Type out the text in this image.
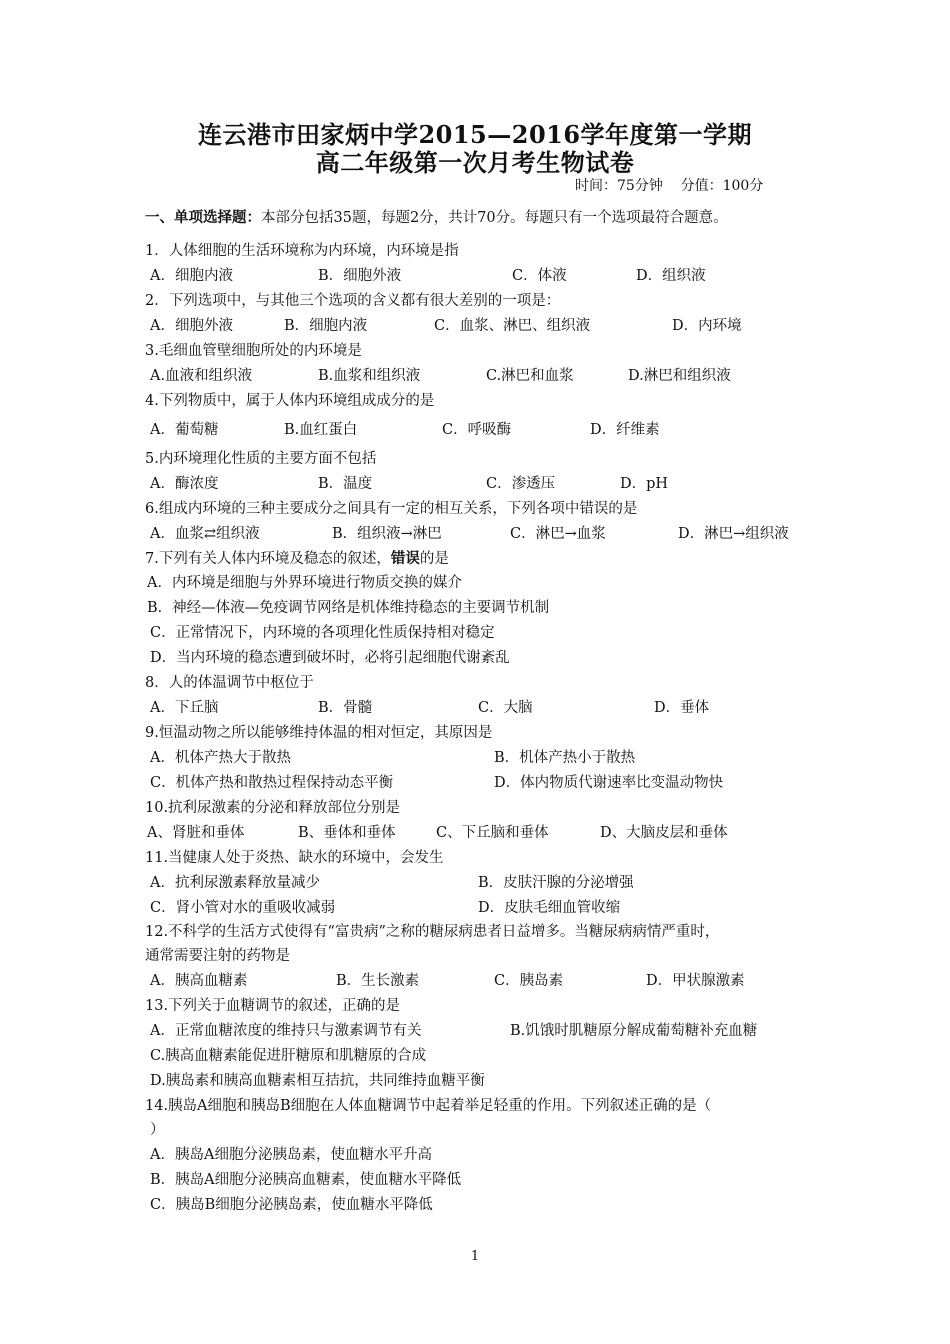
连云港市田家炳中学2015—2016学年度第一学期
高二年级第一次月考生物试卷
时间：75分钟    分值：100分
一、单项选择题：本部分包括35题，每题2分，共计70分。每题只有一个选项最符合题意。
1．人体细胞的生活环境称为内环境，内环境是指
A．细胞内液	B．细胞外液	C．体液	D．组织液
2．下列选项中，与其他三个选项的含义都有很大差别的一项是：
A．细胞外液	B．细胞内液	C．血浆、淋巴、组织液	D．内环境
3.毛细血管壁细胞所处的内环境是
A.血液和组织液	B.血浆和组织液	C.淋巴和血浆	D.淋巴和组织液
4.下列物质中，属于人体内环境组成成分的是
A．葡萄糖	B.血红蛋白	C．呼吸酶	D．纤维素
5.内环境理化性质的主要方面不包括
A．酶浓度	B．温度	C．渗透压	D．pH
6.组成内环境的三种主要成分之间具有一定的相互关系，下列各项中错误的是
A．血浆⇄组织液	B．组织液→淋巴	C．淋巴→血浆	D．淋巴→组织液
7.下列有关人体内环境及稳态的叙述，错误的是
A．内环境是细胞与外界环境进行物质交换的媒介
B．神经—体液—免疫调节网络是机体维持稳态的主要调节机制
C．正常情况下，内环境的各项理化性质保持相对稳定
D．当内环境的稳态遭到破坏时，必将引起细胞代谢紊乱
8．人的体温调节中枢位于
A．下丘脑	B．骨髓	C．大脑	D．垂体
9.恒温动物之所以能够维持体温的相对恒定，其原因是
A．机体产热大于散热	B．机体产热小于散热
C．机体产热和散热过程保持动态平衡	D．体内物质代谢速率比变温动物快
10.抗利尿激素的分泌和释放部位分别是
A、肾脏和垂体	B、垂体和垂体	C、下丘脑和垂体	D、大脑皮层和垂体
11.当健康人处于炎热、缺水的环境中，会发生
A．抗利尿激素释放量减少	B．皮肤汗腺的分泌增强
C．肾小管对水的重吸收减弱	D．皮肤毛细血管收缩
12.不科学的生活方式使得有“富贵病”之称的糖尿病患者日益增多。当糖尿病病情严重时，
通常需要注射的药物是
A．胰高血糖素	B．生长激素	C．胰岛素	D．甲状腺激素
13.下列关于血糖调节的叙述，正确的是
A．正常血糖浓度的维持只与激素调节有关	B.饥饿时肌糖原分解成葡萄糖补充血糖
C.胰高血糖素能促进肝糖原和肌糖原的合成
D.胰岛素和胰高血糖素相互拮抗，共同维持血糖平衡
14.胰岛A细胞和胰岛B细胞在人体血糖调节中起着举足轻重的作用。下列叙述正确的是（
）
A．胰岛A细胞分泌胰岛素，使血糖水平升高
B．胰岛A细胞分泌胰高血糖素，使血糖水平降低
C．胰岛B细胞分泌胰岛素，使血糖水平降低
1
